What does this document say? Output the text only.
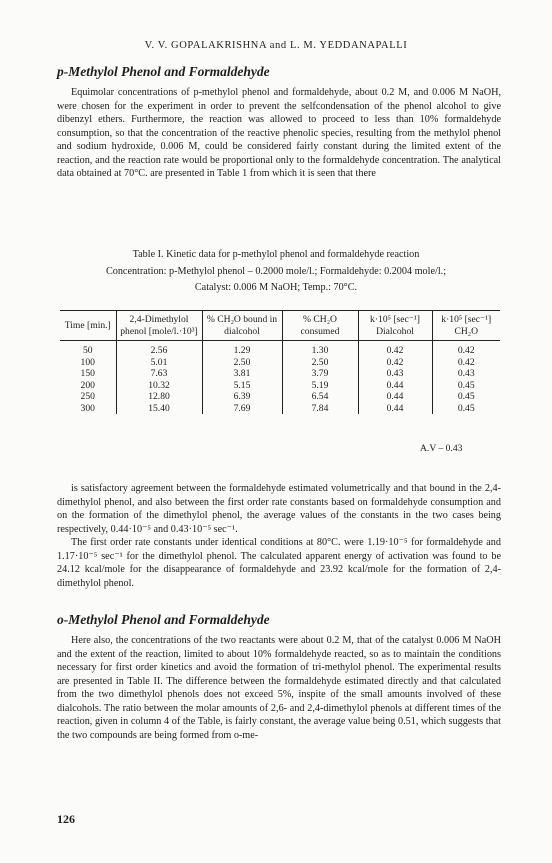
V. V. GOPALAKRISHNA and L. M. YEDDANAPALLI
p-Methylol Phenol and Formaldehyde

Equimolar concentrations of p-methylol phenol and formaldehyde, about 0.2 M, and 0.006 M NaOH, were chosen for the experiment in order to prevent the selfcondensation of the phenol alcohol to give dibenzyl ethers. Furthermore, the reaction was allowed to proceed to less than 10% formaldehyde consumption, so that the concentration of the reactive phenolic species, resulting from the methylol phenol and sodium hydroxide, 0.006 M, could be considered fairly constant during the limited extent of the reaction, and the reaction rate would be proportional only to the formaldehyde concentration. The analytical data obtained at 70°C. are presented in Table 1 from which it is seen that there

Table I. Kinetic data for p-methylol phenol and formaldehyde reaction
Concentration: p-Methylol phenol – 0.2000 mole/l.; Formaldehyde: 0.2004 mole/l.;
Catalyst: 0.006 M NaOH; Temp.: 70°C.
Time [min.]	2,4-Dimethylol phenol [mole/l.·10³]	% CH₂O bound in dialcohol	% CH₂O consumed	k·10⁵ [sec⁻¹] Dialcohol	k·10⁵ [sec⁻¹] CH₂O
50	2.56	1.29	1.30	0.42	0.42
100	5.01	2.50	2.50	0.42	0.42
150	7.63	3.81	3.79	0.43	0.43
200	10.32	5.15	5.19	0.44	0.45
250	12.80	6.39	6.54	0.44	0.45
300	15.40	7.69	7.84	0.44	0.45
A.V – 0.43

is satisfactory agreement between the formaldehyde estimated volumetrically and that bound in the 2,4-dimethylol phenol, and also between the first order rate constants based on formaldehyde consumption and on the formation of the dimethylol phenol, the average values of the constants in the two cases being respectively, 0.44·10⁻⁵ and 0.43·10⁻⁵ sec⁻¹.

The first order rate constants under identical conditions at 80°C. were 1.19·10⁻⁵ for formaldehyde and 1.17·10⁻⁵ sec⁻¹ for the dimethylol phenol. The calculated apparent energy of activation was found to be 24.12 kcal/mole for the disappearance of formaldehyde and 23.92 kcal/mole for the formation of 2,4-dimethylol phenol.

o-Methylol Phenol and Formaldehyde

Here also, the concentrations of the two reactants were about 0.2 M, that of the catalyst 0.006 M NaOH and the extent of the reaction, limited to about 10% formaldehyde reacted, so as to maintain the conditions necessary for first order kinetics and avoid the formation of tri-methylol phenol. The experimental results are presented in Table II. The difference between the formaldehyde estimated directly and that calculated from the two dimethylol phenols does not exceed 5%, inspite of the small amounts involved of these dialcohols. The ratio between the molar amounts of 2,6- and 2,4-dimethylol phenols at different times of the reaction, given in column 4 of the Table, is fairly constant, the average value being 0.51, which suggests that the two compounds are being formed from o-me-

126
